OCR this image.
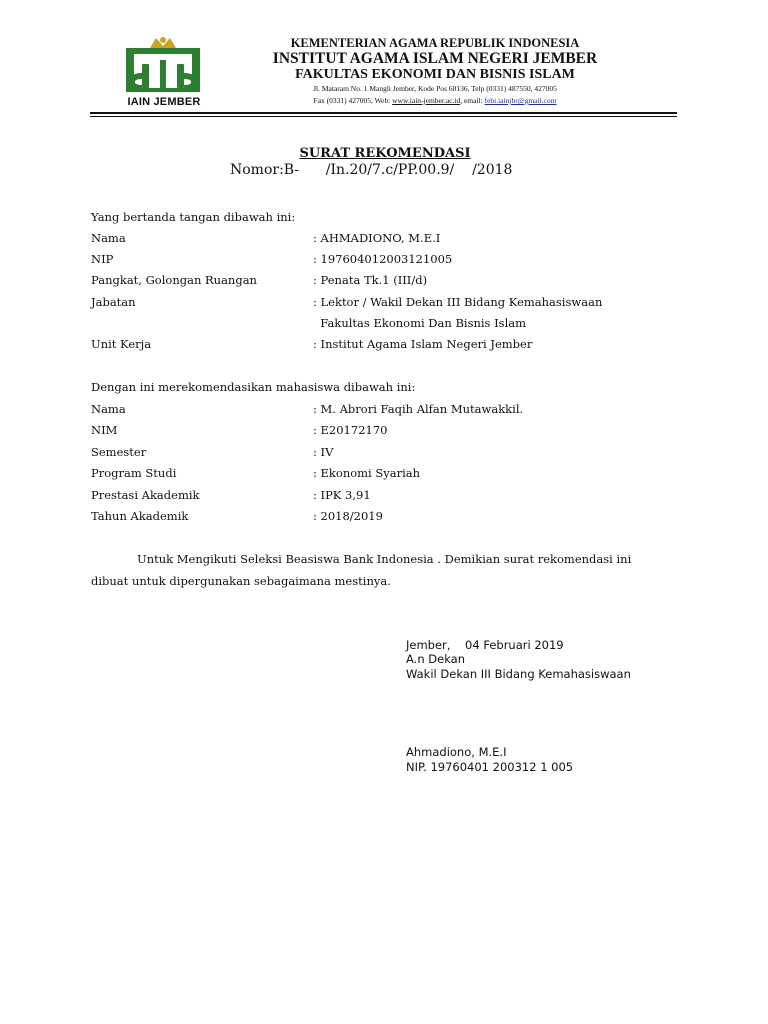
IAIN JEMBER
KEMENTERIAN AGAMA REPUBLIK INDONESIA
INSTITUT AGAMA ISLAM NEGERI JEMBER
FAKULTAS EKONOMI DAN BISNIS ISLAM
Jl. Mataram No. 1 Mangli Jember, Kode Pos 68136, Telp (0331) 487550, 427005
Fax (0331) 427005, Web: www.iain-jember.ac.id, email: febi.iainjbr@gmail.com
SURAT REKOMENDASI
Nomor:B-      /In.20/7.c/PP.00.9/    /2018
Yang bertanda tangan dibawah ini:
Nama	: AHMADIONO, M.E.I
NIP	: 197604012003121005
Pangkat, Golongan Ruangan	: Penata Tk.1 (III/d)
Jabatan	: Lektor / Wakil Dekan III Bidang Kemahasiswaan
Fakultas Ekonomi Dan Bisnis Islam
Unit Kerja	: Institut Agama Islam Negeri Jember
Dengan ini merekomendasikan mahasiswa dibawah ini:
Nama	: M. Abrori Faqih Alfan Mutawakkil.
NIM	: E20172170
Semester	: IV
Program Studi	: Ekonomi Syariah
Prestasi Akademik	: IPK 3,91
Tahun Akademik	: 2018/2019
Untuk Mengikuti Seleksi Beasiswa Bank Indonesia . Demikian surat rekomendasi ini
dibuat untuk dipergunakan sebagaimana mestinya.
Jember,    04 Februari 2019
A.n Dekan
Wakil Dekan III Bidang Kemahasiswaan
Ahmadiono, M.E.I
NIP. 19760401 200312 1 005
